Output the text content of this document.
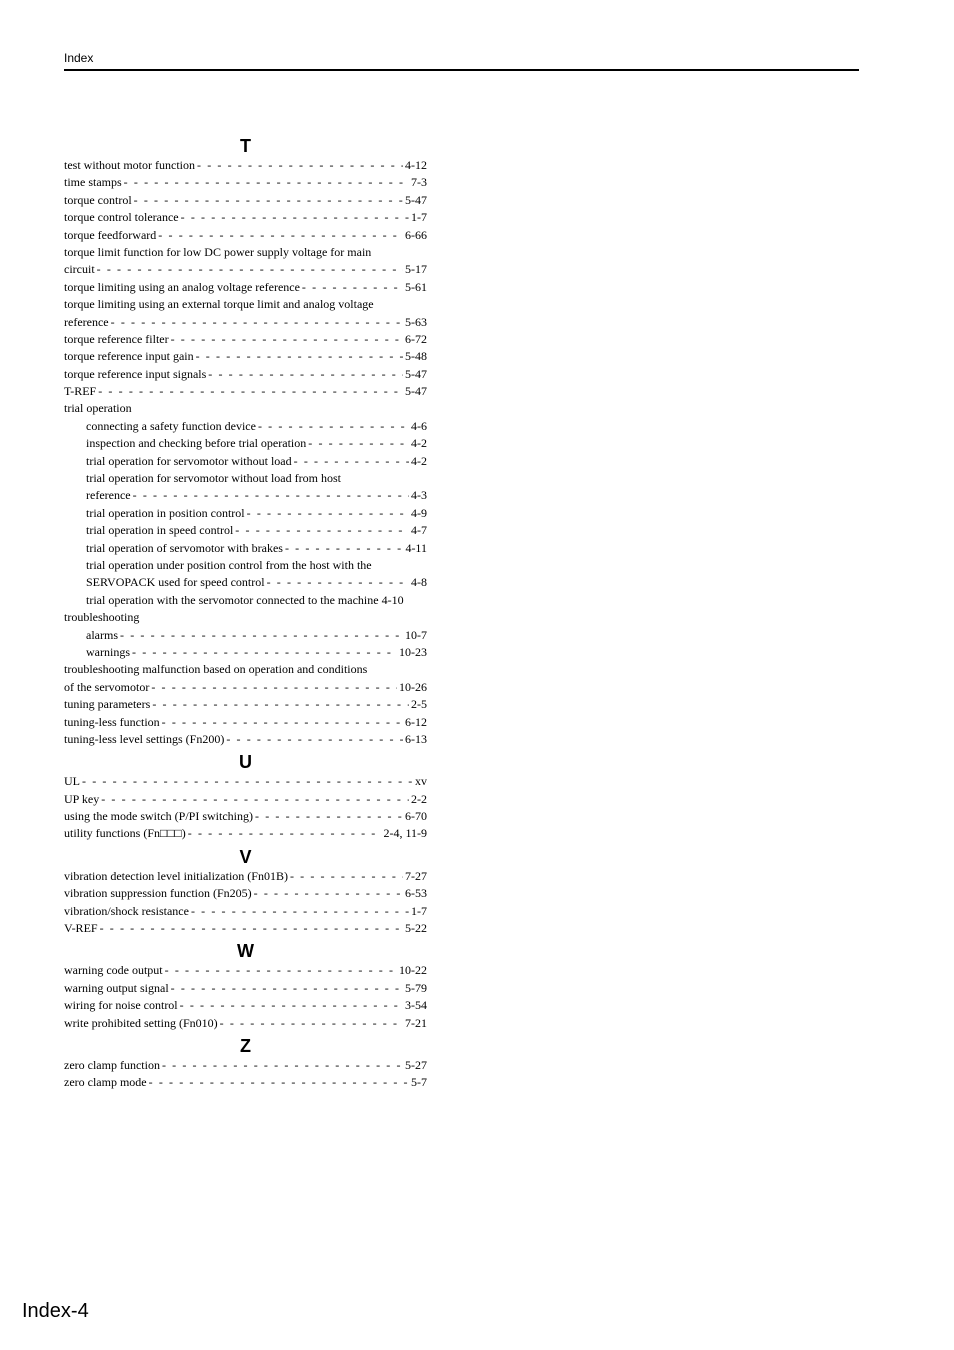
Index
T
test without motor function - - -	4-12
time stamps - - -	7-3
torque control - - -	5-47
torque control tolerance - - -	1-7
torque feedforward - - -	6-66
torque limit function for low DC power supply voltage for main
circuit - - -	5-17
torque limiting using an analog voltage reference - - -	5-61
torque limiting using an external torque limit and analog voltage
reference - - -	5-63
torque reference filter - - -	6-72
torque reference input gain - - -	5-48
torque reference input signals - - -	5-47
T-REF - - -	5-47
trial operation
connecting a safety function device - - -	4-6
inspection and checking before trial operation - - -	4-2
trial operation for servomotor without load - - -	4-2
trial operation for servomotor without load from host
reference - - -	4-3
trial operation in position control - - -	4-9
trial operation in speed control - - -	4-7
trial operation of servomotor with brakes - - -	4-11
trial operation under position control from the host with the
SERVOPACK used for speed control - - -	4-8
trial operation with the servomotor connected to the machine 4-10
troubleshooting
alarms - - -	10-7
warnings - - -	10-23
troubleshooting malfunction based on operation and conditions
of the servomotor - - -	10-26
tuning parameters - - -	2-5
tuning-less function - - -	6-12
tuning-less level settings (Fn200) - - -	6-13
U
UL - - -	xv
UP key - - -	2-2
using the mode switch (P/PI switching) - - -	6-70
utility functions (Fn□□□) - - -	2-4, 11-9
V
vibration detection level initialization (Fn01B) - - -	7-27
vibration suppression function (Fn205) - - -	6-53
vibration/shock resistance - - -	1-7
V-REF - - -	5-22
W
warning code output - - -	10-22
warning output signal - - -	5-79
wiring for noise control - - -	3-54
write prohibited setting (Fn010) - - -	7-21
Z
zero clamp function - - -	5-27
zero clamp mode - - -	5-7
Index-4
